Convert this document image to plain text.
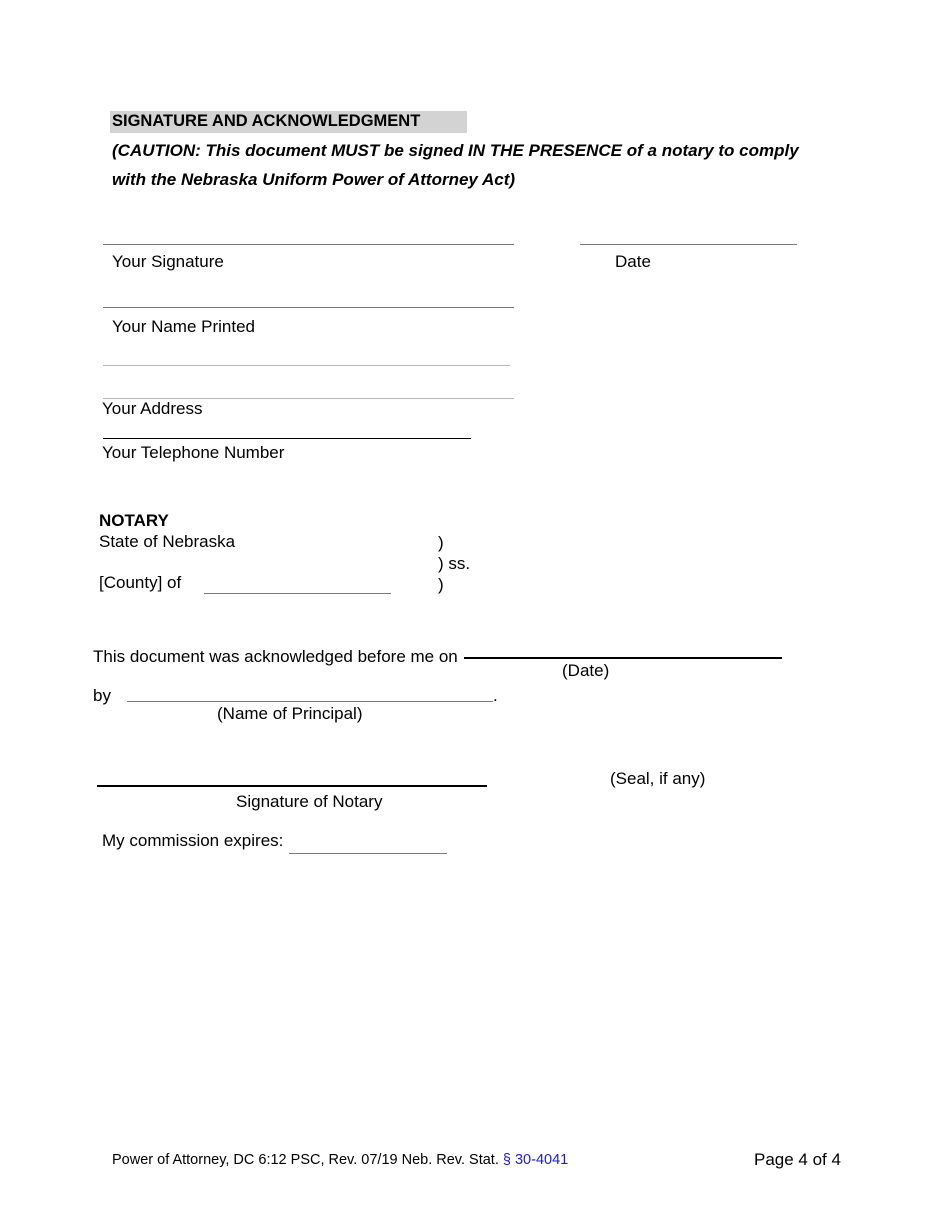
SIGNATURE AND ACKNOWLEDGMENT
(CAUTION: This document MUST be signed IN THE PRESENCE of a notary to comply
with the Nebraska Uniform Power of Attorney Act)
Your Signature	Date
Your Name Printed
Your Address
Your Telephone Number
NOTARY
State of Nebraska	)
) ss.
[County] of	)
This document was acknowledged before me on
(Date)
by	.
(Name of Principal)
(Seal, if any)
Signature of Notary
My commission expires:
Power of Attorney, DC 6:12 PSC, Rev. 07/19 Neb. Rev. Stat. § 30-4041	Page 4 of 4
